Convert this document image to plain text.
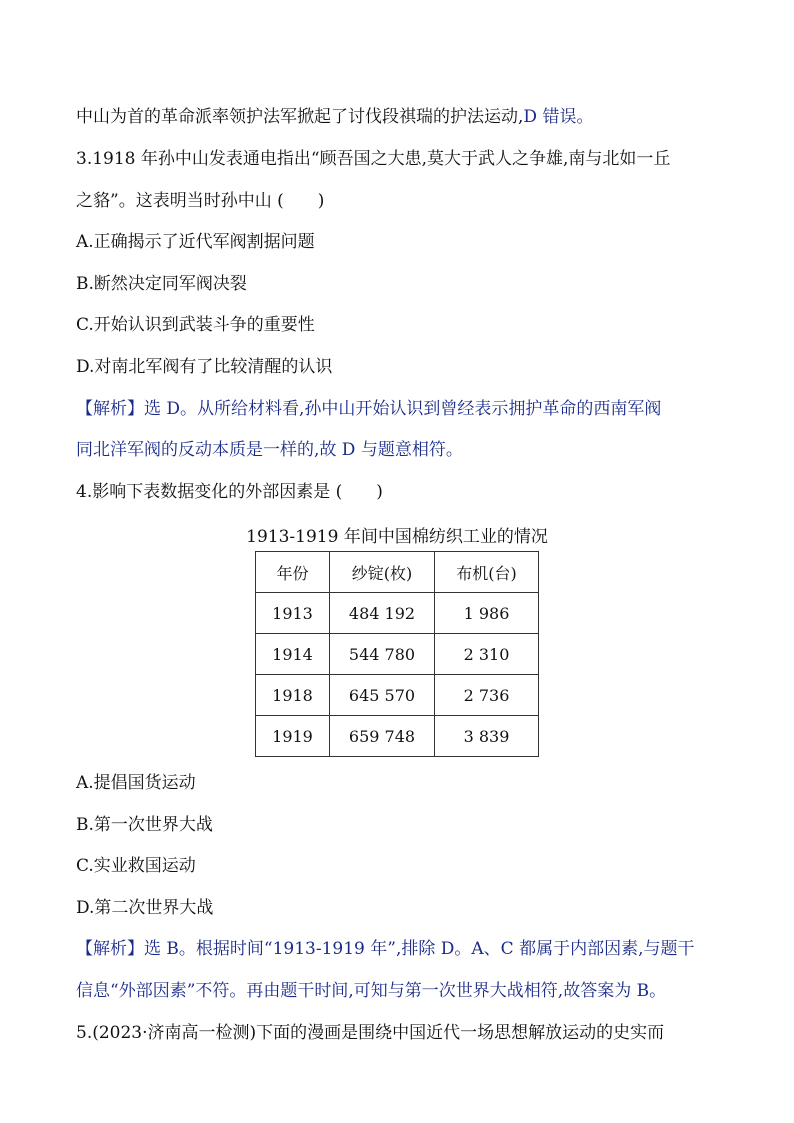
中山为首的革命派率领护法军掀起了讨伐段祺瑞的护法运动,D 错误。
3.1918 年孙中山发表通电指出“顾吾国之大患,莫大于武人之争雄,南与北如一丘
之貉”。这表明当时孙中山 (　　)
A.正确揭示了近代军阀割据问题
B.断然决定同军阀决裂
C.开始认识到武装斗争的重要性
D.对南北军阀有了比较清醒的认识
【解析】选 D。从所给材料看,孙中山开始认识到曾经表示拥护革命的西南军阀
同北洋军阀的反动本质是一样的,故 D 与题意相符。
4.影响下表数据变化的外部因素是 (　　)
1913-1919 年间中国棉纺织工业的情况
年份	纱锭(枚)	布机(台)
1913	484 192	1 986
1914	544 780	2 310
1918	645 570	2 736
1919	659 748	3 839
A.提倡国货运动
B.第一次世界大战
C.实业救国运动
D.第二次世界大战
【解析】选 B。根据时间“1913-1919 年”,排除 D。A、C 都属于内部因素,与题干
信息“外部因素”不符。再由题干时间,可知与第一次世界大战相符,故答案为 B。
5.(2023·济南高一检测)下面的漫画是围绕中国近代一场思想解放运动的史实而
